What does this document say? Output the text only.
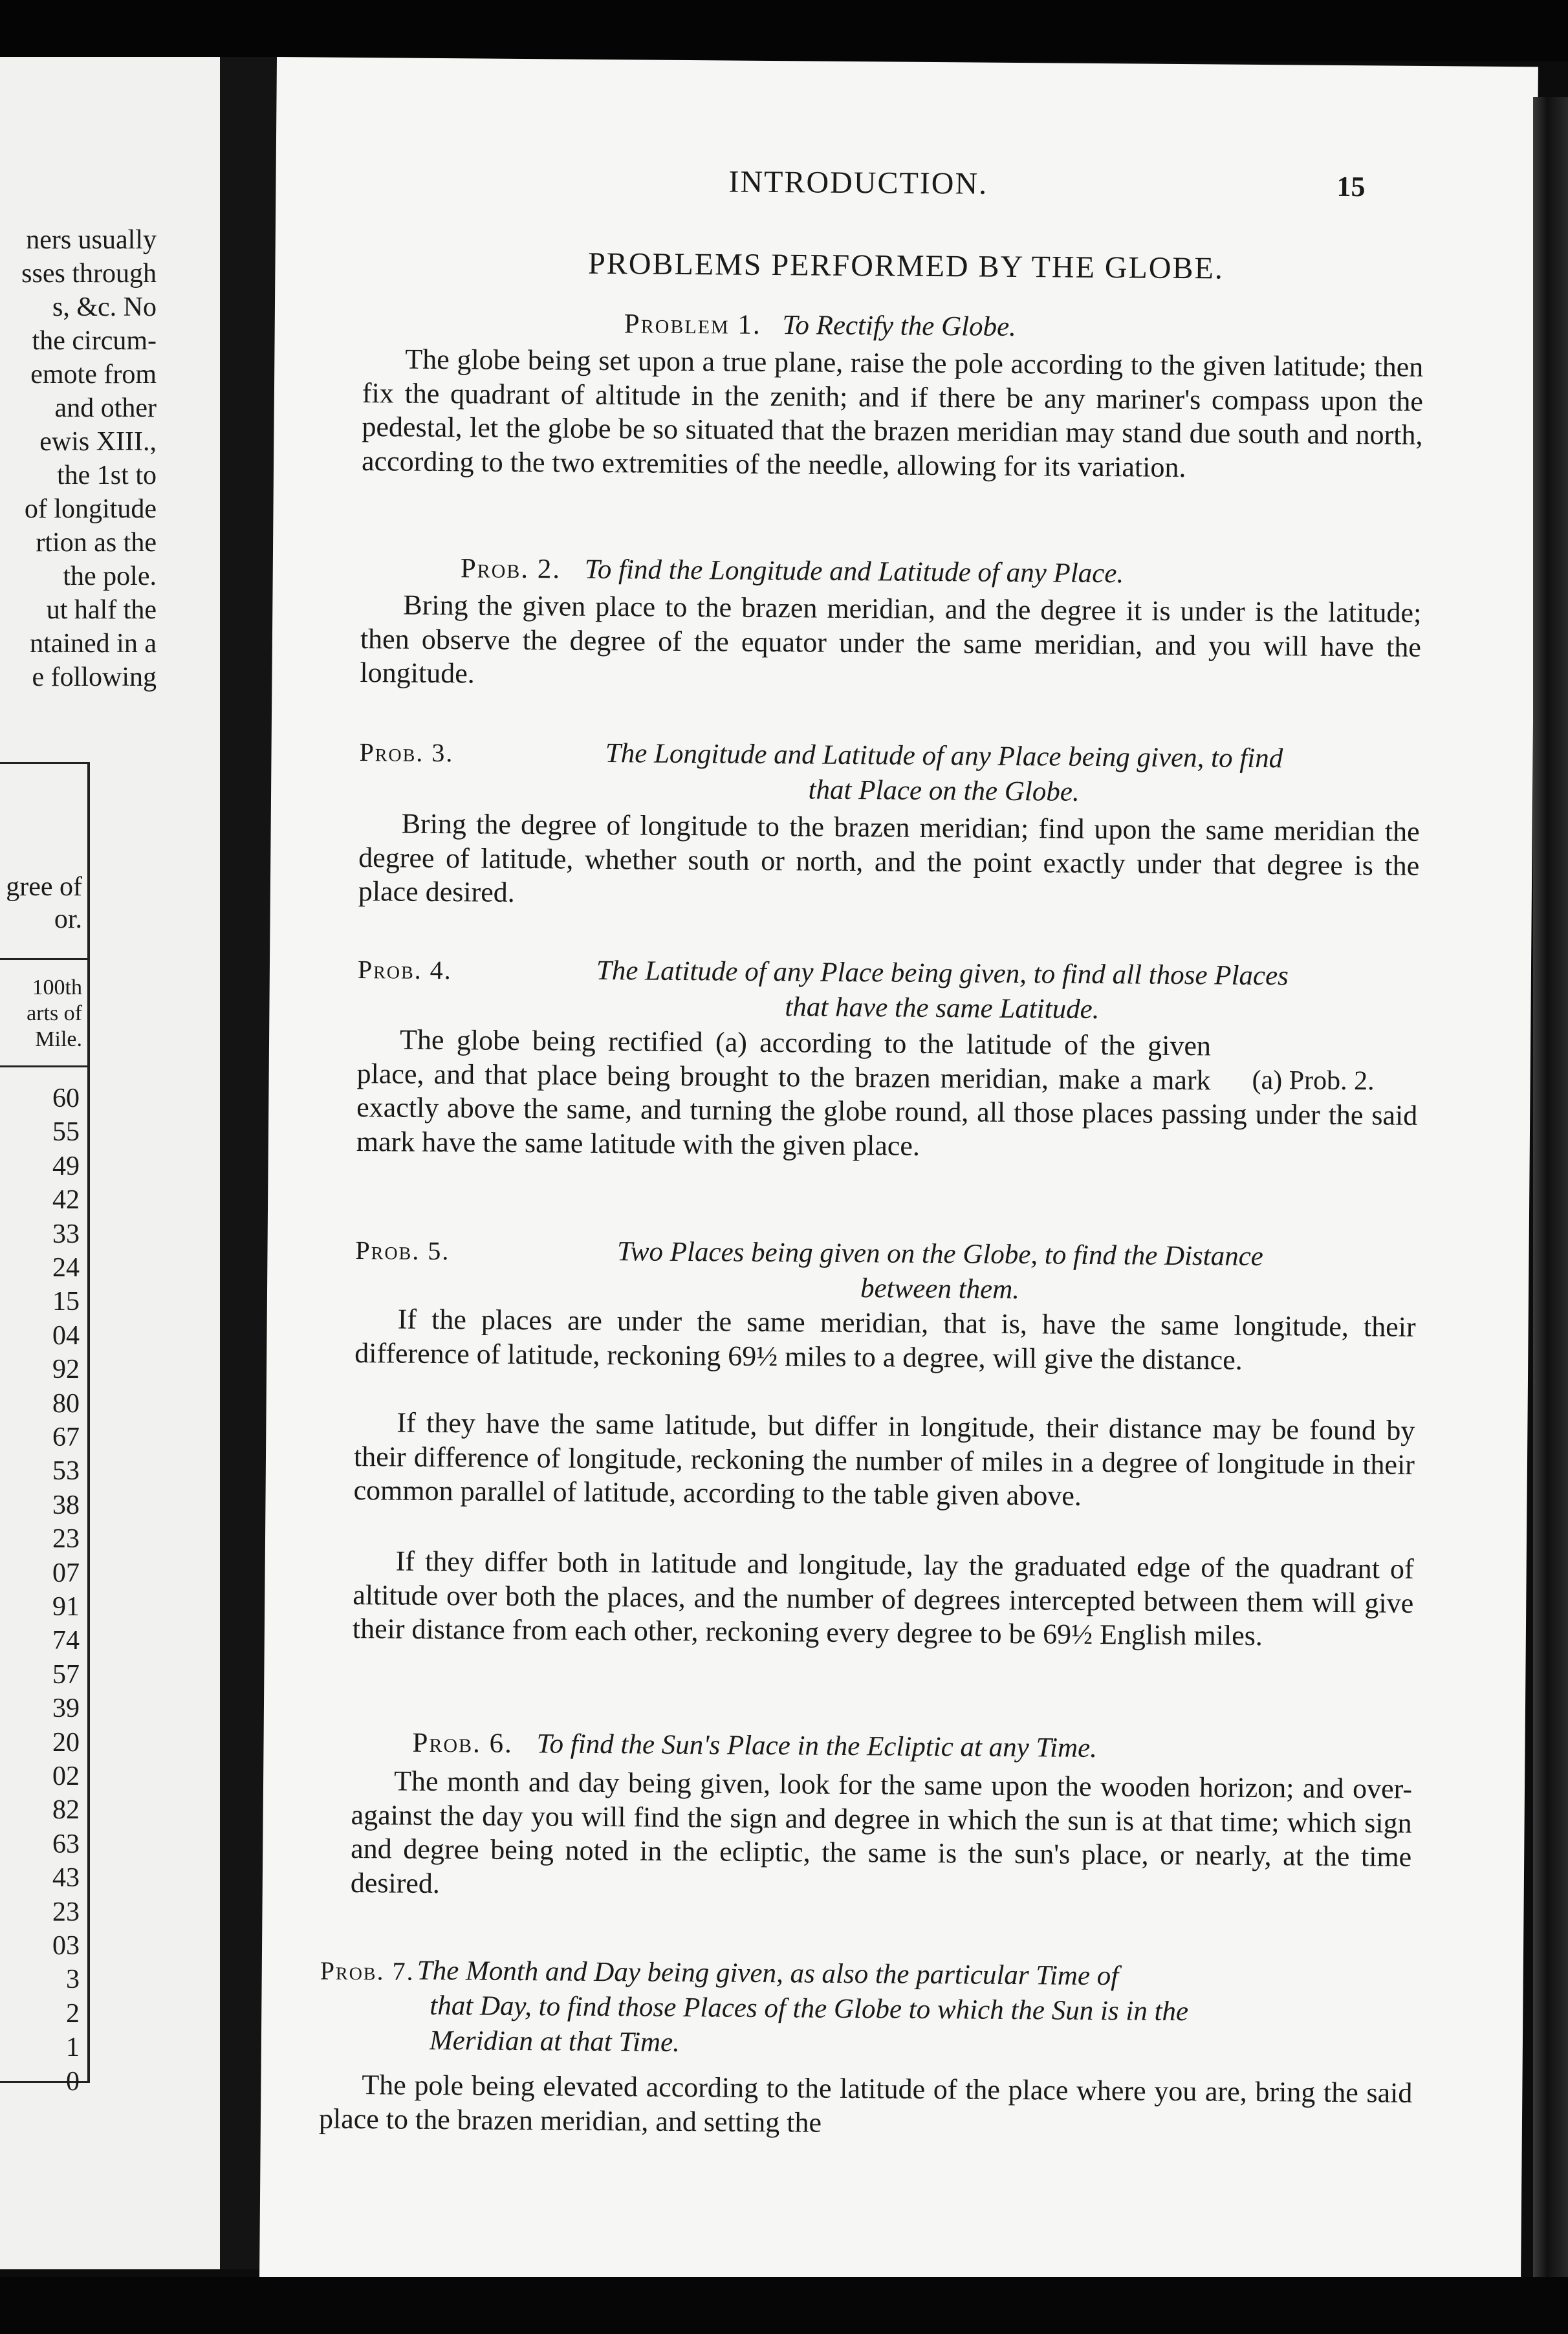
ners usually
sses through
s, &c. No
the circum-
emote from
and other
ewis XIII.,
the 1st to
of longitude
rtion as the
the pole.
ut half the
ntained in a
e following
gree of
or.
100th
arts of
Mile.
60
55
49
42
33
24
15
04
92
80
67
53
38
23
07
91
74
57
39
20
02
82
63
43
23
03
3
2
1
0
INTRODUCTION.	15
PROBLEMS PERFORMED BY THE GLOBE.
Problem 1. To Rectify the Globe.

The globe being set upon a true plane, raise the pole according to the given latitude; then fix the quadrant of altitude in the zenith; and if there be any mariner's compass upon the pedestal, let the globe be so situated that the brazen meridian may stand due south and north, according to the two extremities of the needle, allowing for its variation.

Prob. 2. To find the Longitude and Latitude of any Place.

Bring the given place to the brazen meridian, and the degree it is under is the latitude; then observe the degree of the equator under the same meridian, and you will have the longitude.

Prob. 3.	The Longitude and Latitude of any Place being given, to find
that Place on the Globe.

Bring the degree of longitude to the brazen meridian; find upon the same meridian the degree of latitude, whether south or north, and the point exactly under that degree is the place desired.

Prob. 4.	The Latitude of any Place being given, to find all those Places
that have the same Latitude.

The globe being rectified (a) according to the latitude of the given place, and that place being brought to the brazen meridian, make a mark exactly above the same, and turning the globe round, all those places passing under the said mark have the same latitude with the given place.

(a) Prob. 2.
Prob. 5.	Two Places being given on the Globe, to find the Distance
between them.

If the places are under the same meridian, that is, have the same longitude, their difference of latitude, reckoning 69½ miles to a degree, will give the distance.

If they have the same latitude, but differ in longitude, their distance may be found by their difference of longitude, reckoning the number of miles in a degree of longitude in their common parallel of latitude, according to the table given above.

If they differ both in latitude and longitude, lay the graduated edge of the quadrant of altitude over both the places, and the number of degrees intercepted between them will give their distance from each other, reckoning every degree to be 69½ English miles.

Prob. 6. To find the Sun's Place in the Ecliptic at any Time.

The month and day being given, look for the same upon the wooden horizon; and over-against the day you will find the sign and degree in which the sun is at that time; which sign and degree being noted in the ecliptic, the same is the sun's place, or nearly, at the time desired.

Prob. 7. The Month and Day being given, as also the particular Time of
that Day, to find those Places of the Globe to which the Sun is in the
Meridian at that Time.

The pole being elevated according to the latitude of the place where you are, bring the said place to the brazen meridian, and setting the
